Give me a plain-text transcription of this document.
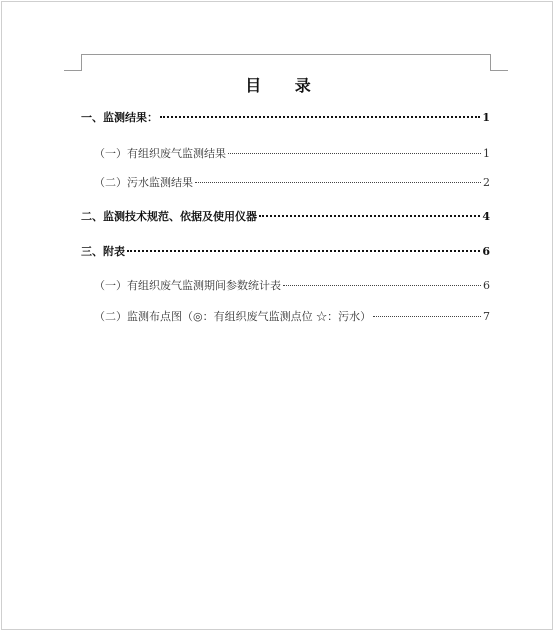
目 录
一、监测结果：	1
（一）有组织废气监测结果	1
（二）污水监测结果	2
二、监测技术规范、依据及使用仪器	4
三、附表	6
（一）有组织废气监测期间参数统计表	6
（二）监测布点图（◎：有组织废气监测点位 ☆：污水）	7
